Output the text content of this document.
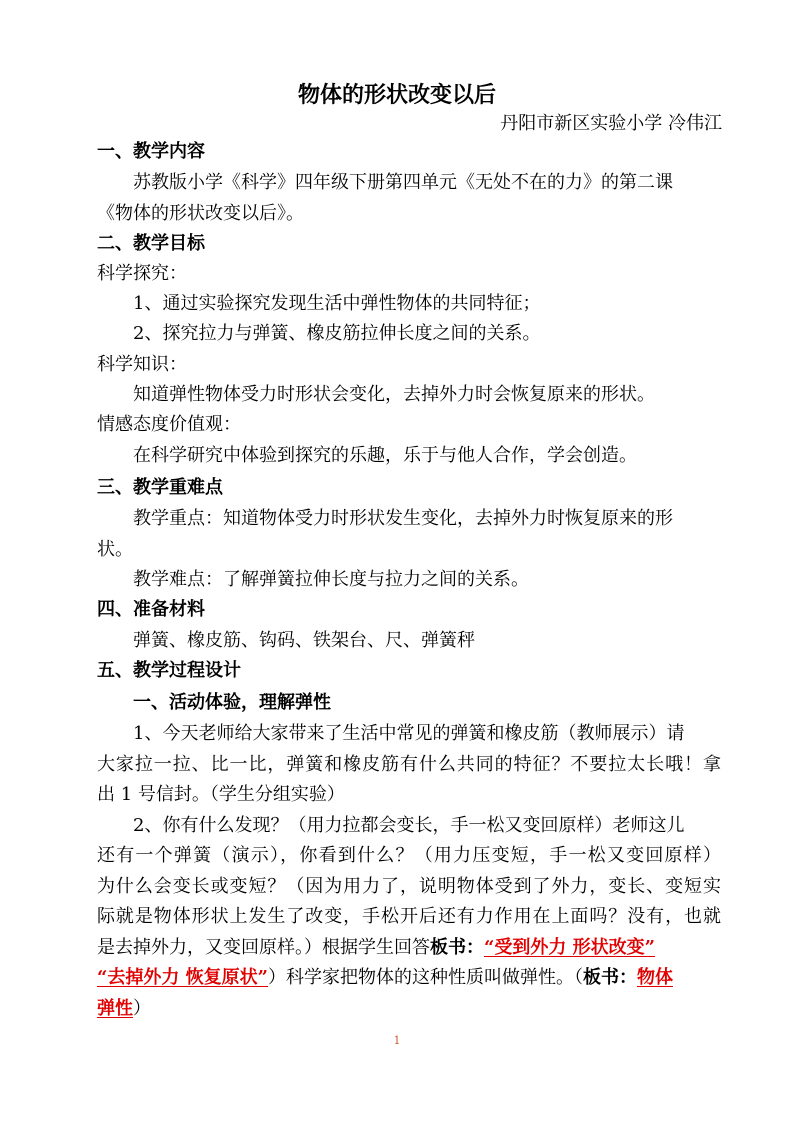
物体的形状改变以后
丹阳市新区实验小学 冷伟江
一、教学内容
苏教版小学《科学》四年级下册第四单元《无处不在的力》的第二课
《物体的形状改变以后》。
二、教学目标
科学探究：
1、通过实验探究发现生活中弹性物体的共同特征；
2、探究拉力与弹簧、橡皮筋拉伸长度之间的关系。
科学知识：
知道弹性物体受力时形状会变化，去掉外力时会恢复原来的形状。
情感态度价值观：
在科学研究中体验到探究的乐趣，乐于与他人合作，学会创造。
三、教学重难点
教学重点：知道物体受力时形状发生变化，去掉外力时恢复原来的形
状。
教学难点：了解弹簧拉伸长度与拉力之间的关系。
四、准备材料
弹簧、橡皮筋、钩码、铁架台、尺、弹簧秤
五、教学过程设计
一、活动体验，理解弹性
1、今天老师给大家带来了生活中常见的弹簧和橡皮筋（教师展示）请
大家拉一拉、比一比，弹簧和橡皮筋有什么共同的特征？不要拉太长哦！拿
出 1 号信封。（学生分组实验）
2、你有什么发现？（用力拉都会变长，手一松又变回原样）老师这儿
还有一个弹簧（演示），你看到什么？（用力压变短，手一松又变回原样）
为什么会变长或变短？（因为用力了，说明物体受到了外力，变长、变短实
际就是物体形状上发生了改变，手松开后还有力作用在上面吗？没有，也就
是去掉外力，又变回原样。）根据学生回答板书：“受到外力 形状改变”
“去掉外力 恢复原状”）科学家把物体的这种性质叫做弹性。（板书：物体
弹性）
1
